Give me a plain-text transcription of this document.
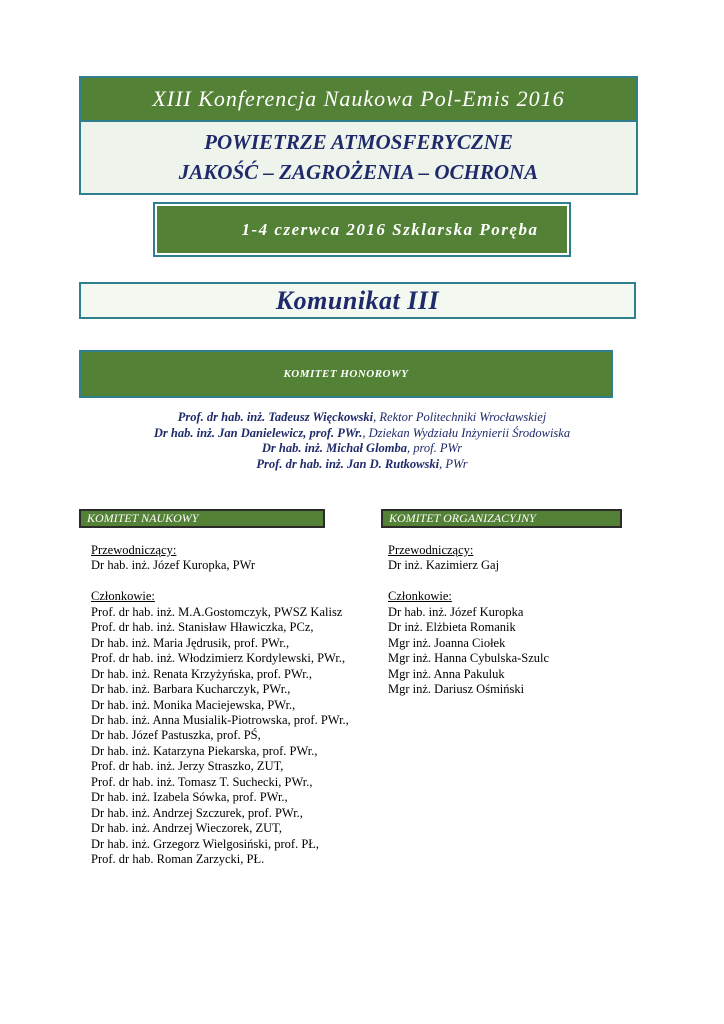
XIII Konferencja Naukowa Pol-Emis 2016
POWIETRZE ATMOSFERYCZNE
JAKOŚĆ – ZAGROŻENIA – OCHRONA
1-4 czerwca 2016 Szklarska Poręba
Komunikat III
KOMITET HONOROWY
Prof. dr hab. inż. Tadeusz Więckowski, Rektor Politechniki Wrocławskiej
Dr hab. inż. Jan Danielewicz, prof. PWr., Dziekan Wydziału Inżynierii Środowiska
Dr hab. inż. Michał Glomba, prof. PWr
Prof. dr hab. inż. Jan D. Rutkowski, PWr
KOMITET NAUKOWY	KOMITET ORGANIZACYJNY
Przewodniczący:
Dr hab. inż. Józef Kuropka, PWr
Członkowie:
Prof. dr hab. inż. M.A.Gostomczyk, PWSZ Kalisz
Prof. dr hab. inż. Stanisław Hławiczka, PCz,
Dr hab. inż. Maria Jędrusik, prof. PWr.,
Prof. dr hab. inż. Włodzimierz Kordylewski, PWr.,
Dr hab. inż. Renata Krzyżyńska, prof. PWr.,
Dr hab. inż. Barbara Kucharczyk, PWr.,
Dr hab. inż. Monika Maciejewska, PWr.,
Dr hab. inż. Anna Musialik-Piotrowska, prof. PWr.,
Dr hab. Józef Pastuszka, prof. PŚ,
Dr hab. inż. Katarzyna Piekarska, prof. PWr.,
Prof. dr hab. inż. Jerzy Straszko, ZUT,
Prof. dr hab. inż. Tomasz T. Suchecki, PWr.,
Dr hab. inż. Izabela Sówka, prof. PWr.,
Dr hab. inż. Andrzej Szczurek, prof. PWr.,
Dr hab. inż. Andrzej Wieczorek, ZUT,
Dr hab. inż. Grzegorz Wielgosiński, prof. PŁ,
Prof. dr hab. Roman Zarzycki, PŁ.
Przewodniczący:
Dr inż. Kazimierz Gaj
Członkowie:
Dr hab. inż. Józef Kuropka
Dr inż. Elżbieta Romanik
Mgr inż. Joanna Ciołek
Mgr inż. Hanna Cybulska-Szulc
Mgr inż. Anna Pakuluk
Mgr inż. Dariusz Ośmiński
